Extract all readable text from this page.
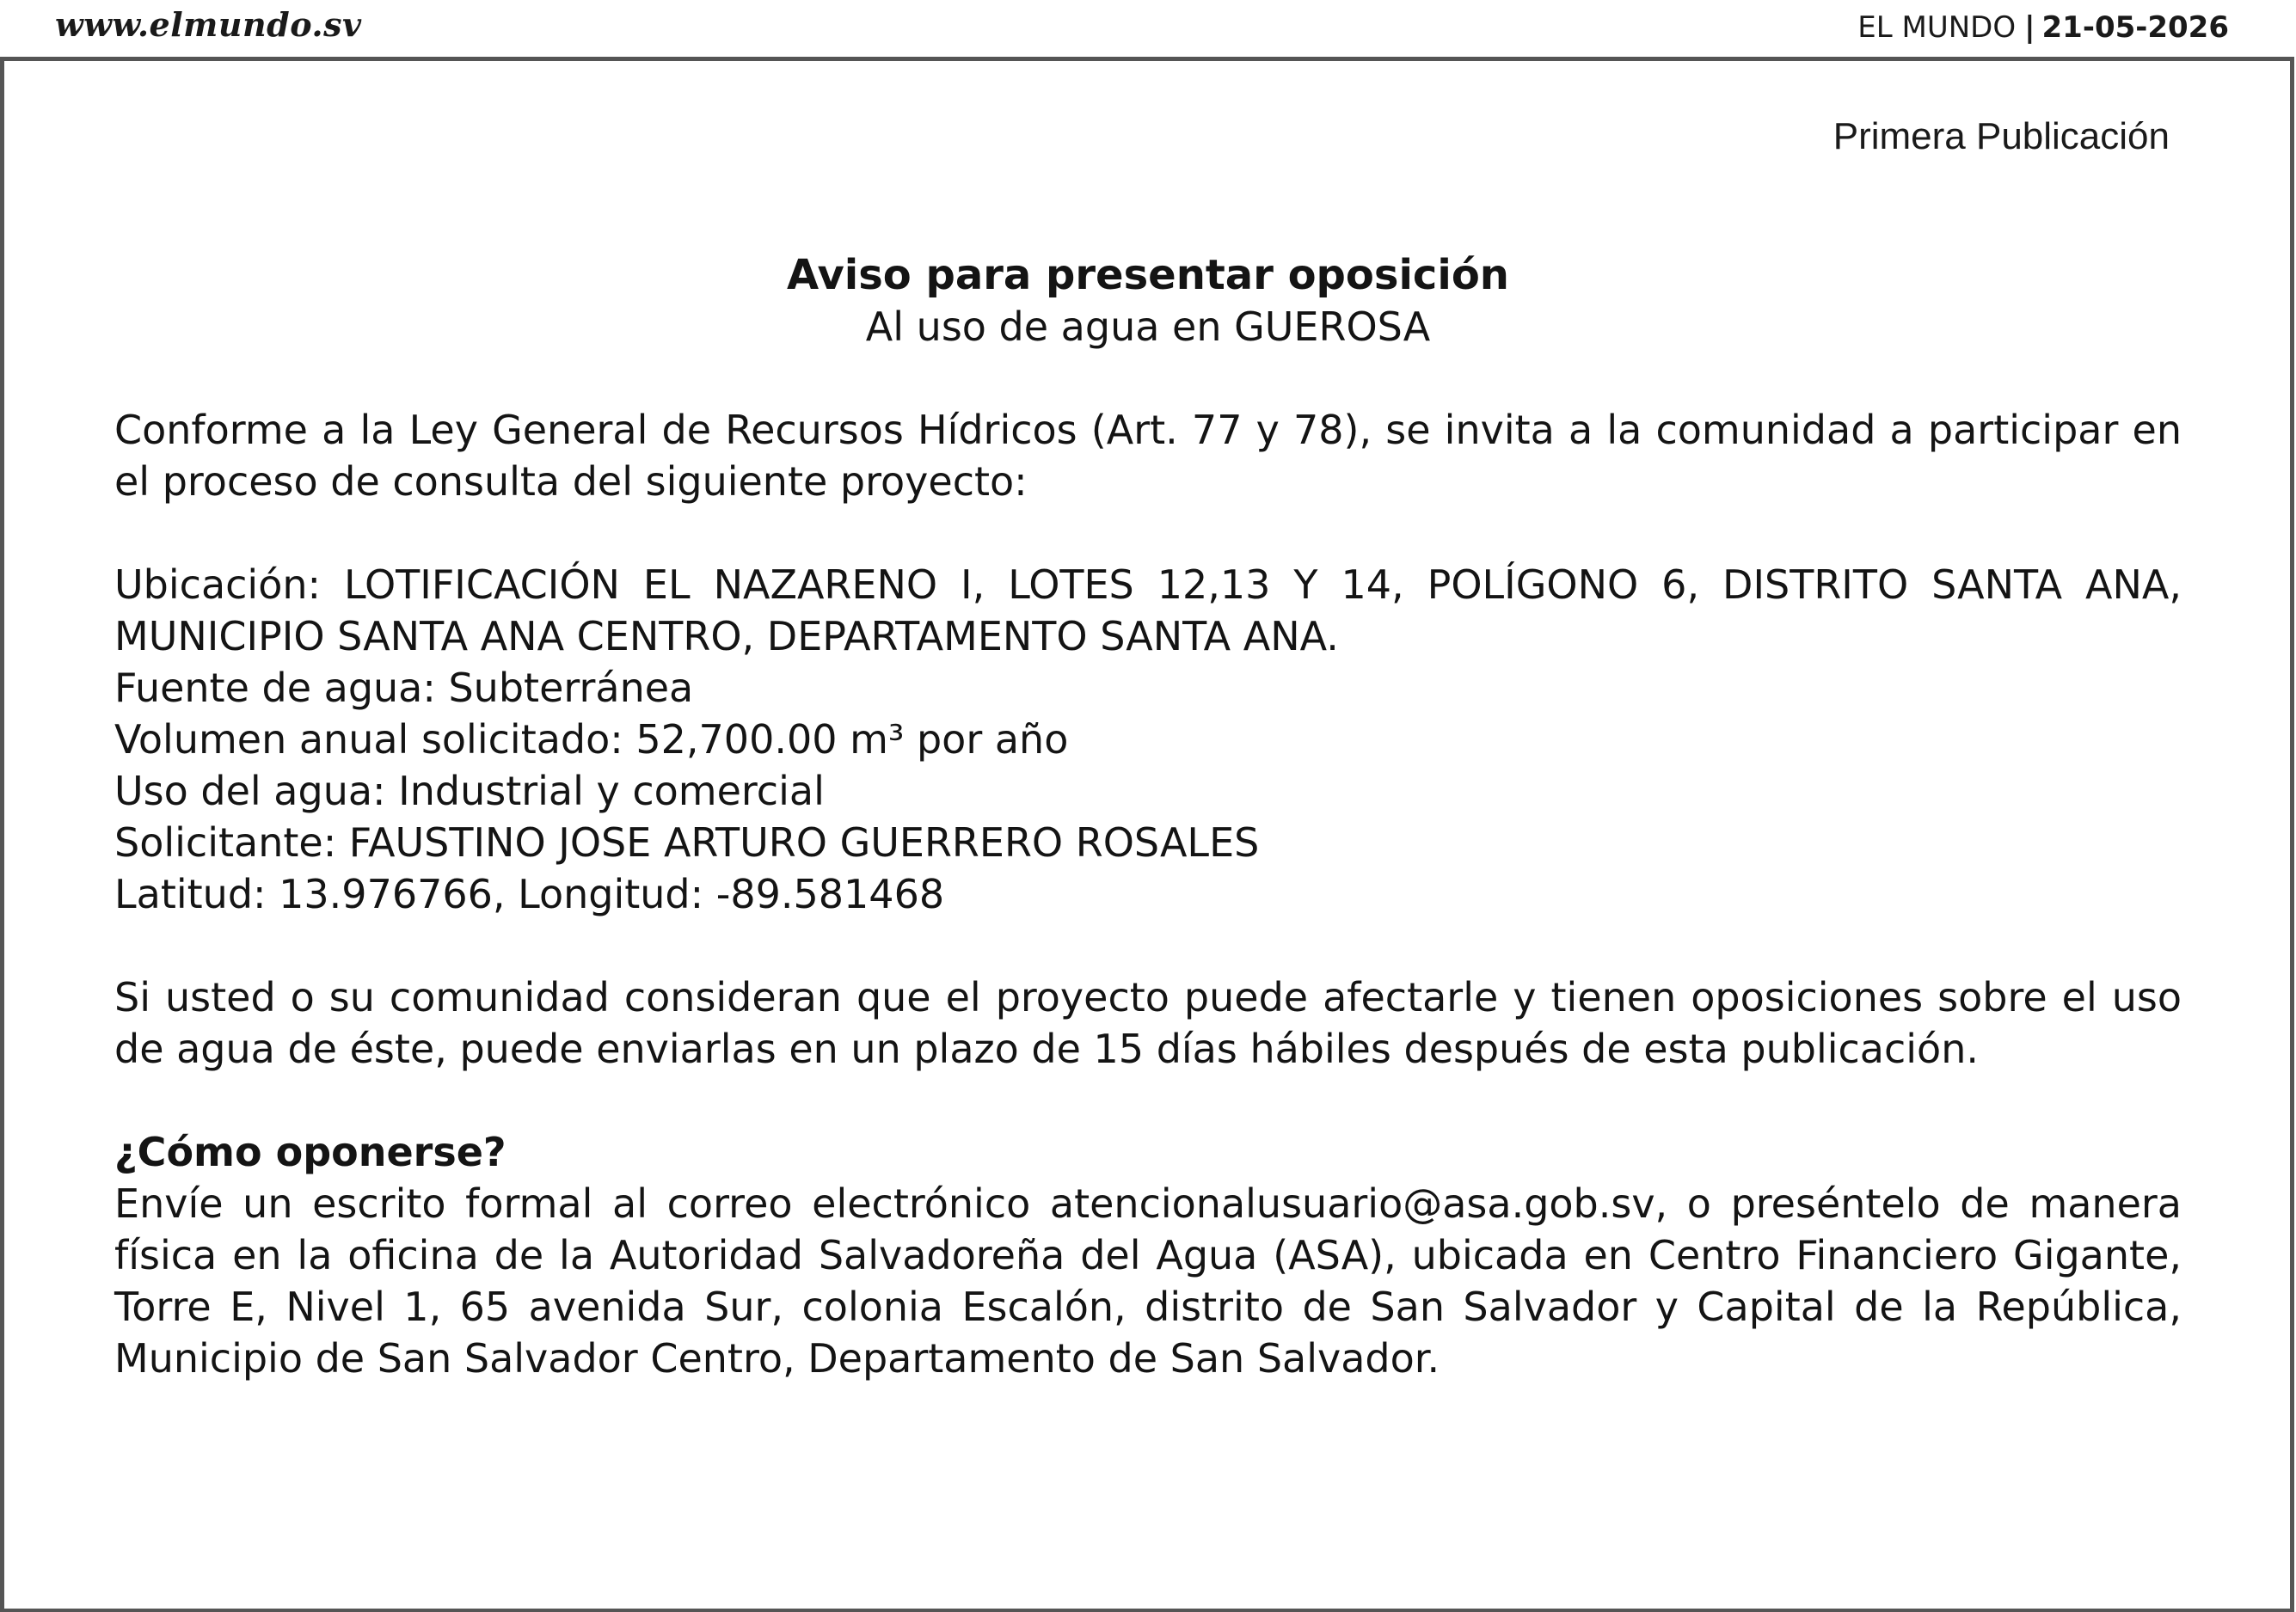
www.elmundo.sv	EL MUNDO | 21-05-2026
Primera Publicación

Aviso para presentar oposición

Al uso de agua en GUEROSA

Conforme a la Ley General de Recursos Hídricos (Art. 77 y 78), se invita a la comunidad a participar en el proceso de consulta del siguiente proyecto:

Ubicación: LOTIFICACIÓN EL NAZARENO I, LOTES 12,13 Y 14, POLÍGONO 6, DISTRITO SANTA ANA, MUNICIPIO SANTA ANA CENTRO, DEPARTAMENTO SANTA ANA.
Fuente de agua: Subterránea
Volumen anual solicitado: 52,700.00 m³ por año
Uso del agua: Industrial y comercial
Solicitante: FAUSTINO JOSE ARTURO GUERRERO ROSALES
Latitud: 13.976766, Longitud: -89.581468

Si usted o su comunidad consideran que el proyecto puede afectarle y tienen oposiciones sobre el uso de agua de éste, puede enviarlas en un plazo de 15 días hábiles después de esta publicación.

¿Cómo oponerse?

Envíe un escrito formal al correo electrónico atencionalusuario@asa.gob.sv, o preséntelo de manera física en la oficina de la Autoridad Salvadoreña del Agua (ASA), ubicada en Centro Financiero Gigante, Torre E, Nivel 1, 65 avenida Sur, colonia Escalón, distrito de San Salvador y Capital de la República, Municipio de San Salvador Centro, Departamento de San Salvador.
